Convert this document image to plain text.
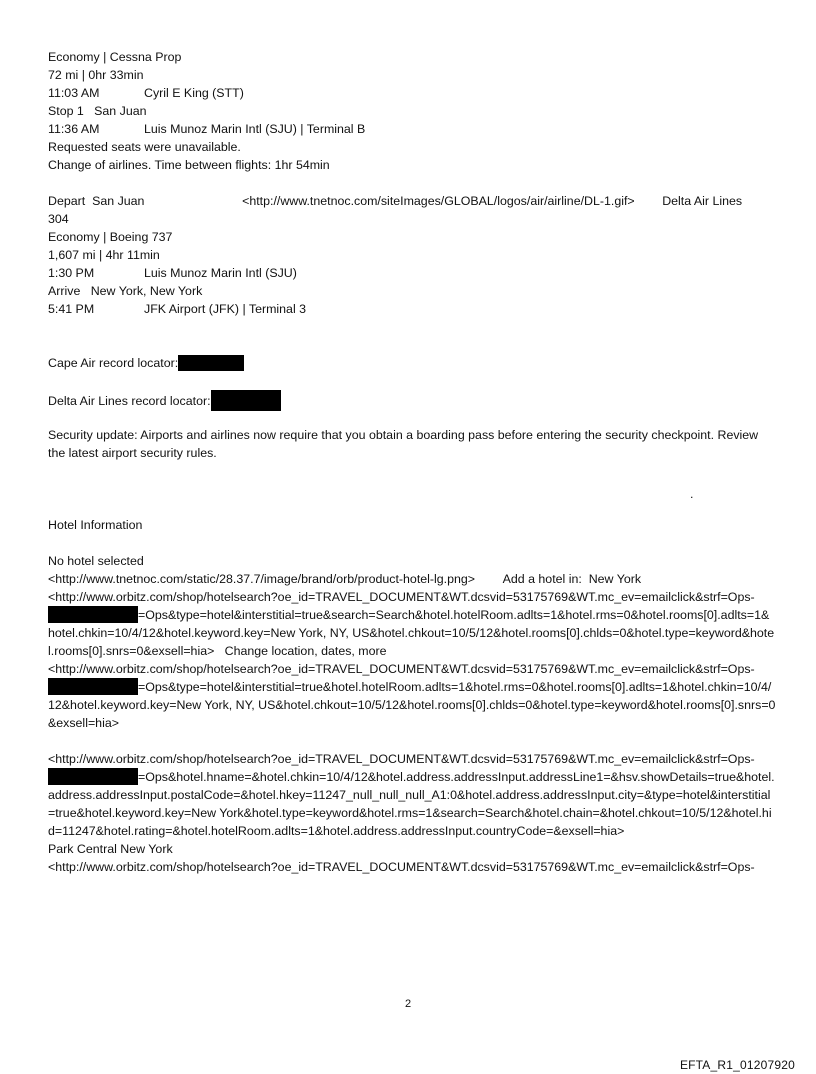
Economy | Cessna Prop
72 mi | 0hr 33min
11:03 AM	Cyril E King (STT)
Stop 1 San Juan
11:36 AM	Luis Munoz Marin Intl (SJU) | Terminal B
Requested seats were unavailable.
Change of airlines. Time between flights: 1hr 54min
Depart San Juan	<http://www.tnetnoc.com/siteImages/GLOBAL/logos/air/airline/DL-1.gif> Delta Air Lines
304
Economy | Boeing 737
1,607 mi | 4hr 11min
1:30 PM	Luis Munoz Marin Intl (SJU)
Arrive New York, New York
5:41 PM	JFK Airport (JFK) | Terminal 3
Cape Air record locator:
Delta Air Lines record locator:
Security update: Airports and airlines now require that you obtain a boarding pass before entering the security checkpoint. Review the latest airport security rules.
Hotel Information
No hotel selected
<http://www.tnetnoc.com/static/28.37.7/image/brand/orb/product-hotel-lg.png> Add a hotel in: New York
<http://www.orbitz.com/shop/hotelsearch?oe_id=TRAVEL_DOCUMENT&WT.dcsvid=53175769&WT.mc_ev=emailclick&strf=Ops-
=Ops&type=hotel&interstitial=true&search=Search&hotel.hotelRoom.adlts=1&hotel.rms=0&hotel.rooms[0].adlts=1&hotel.chkin=10/4/12&hotel.keyword.key=New York, NY, US&hotel.chkout=10/5/12&hotel.rooms[0].chlds=0&hotel.type=keyword&hotel.rooms[0].snrs=0&exsell=hia> Change location, dates, more
<http://www.orbitz.com/shop/hotelsearch?oe_id=TRAVEL_DOCUMENT&WT.dcsvid=53175769&WT.mc_ev=emailclick&strf=Ops-
=Ops&type=hotel&interstitial=true&hotel.hotelRoom.adlts=1&hotel.rms=0&hotel.rooms[0].adlts=1&hotel.chkin=10/4/12&hotel.keyword.key=New York, NY, US&hotel.chkout=10/5/12&hotel.rooms[0].chlds=0&hotel.type=keyword&hotel.rooms[0].snrs=0&exsell=hia>
<http://www.orbitz.com/shop/hotelsearch?oe_id=TRAVEL_DOCUMENT&WT.dcsvid=53175769&WT.mc_ev=emailclick&strf=Ops-
=Ops&hotel.hname=&hotel.chkin=10/4/12&hotel.address.addressInput.addressLine1=&hsv.showDetails=true&hotel.address.addressInput.postalCode=&hotel.hkey=11247_null_null_null_A1:0&hotel.address.addressInput.city=&type=hotel&interstitial=true&hotel.keyword.key=New York&hotel.type=keyword&hotel.rms=1&search=Search&hotel.chain=&hotel.chkout=10/5/12&hotel.hid=11247&hotel.rating=&hotel.hotelRoom.adlts=1&hotel.address.addressInput.countryCode=&exsell=hia>
Park Central New York
<http://www.orbitz.com/shop/hotelsearch?oe_id=TRAVEL_DOCUMENT&WT.dcsvid=53175769&WT.mc_ev=emailclick&strf=Ops-
.
2
EFTA_R1_01207920
